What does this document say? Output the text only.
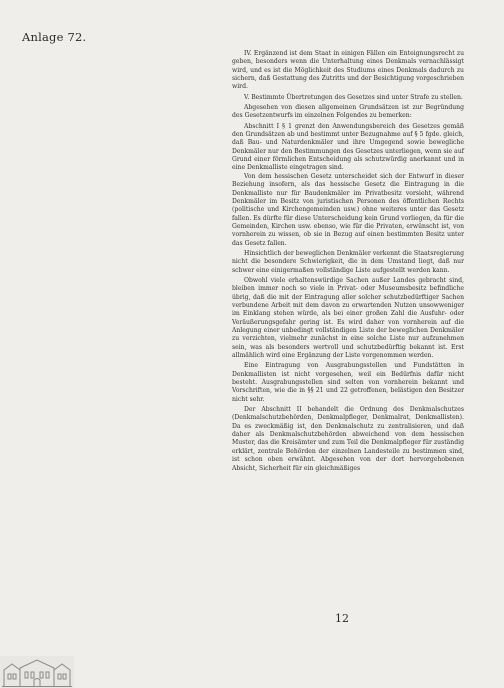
Anlage 72.

IV. Ergänzend ist dem Staat in einigen Fällen ein Enteignungsrecht zu geben, besonders wenn die Unterhaltung eines Denkmals vernachlässigt wird, und es ist die Möglichkeit des Studiums eines Denkmals dadurch zu sichern, daß Gestattung des Zutritts und der Besichtigung vorgeschrieben wird.

V. Bestimmte Übertretungen des Gesetzes sind unter Strafe zu stellen.

Abgesehen von diesen allgemeinen Grundsätzen ist zur Begründung des Gesetzentwurfs im einzelnen Folgendes zu bemerken:

Abschnitt I § 1 grenzt den Anwendungsbereich des Gesetzes gemäß den Grundsätzen ab und bestimmt unter Bezugnahme auf § 5 fgde. gleich, daß Bau- und Naturdenkmäler und ihre Umgegend sowie bewegliche Denkmäler nur den Bestimmungen des Gesetzes unterliegen, wenn sie auf Grund einer förmlichen Entscheidung als schutzwürdig anerkannt und in eine Denkmalliste eingetragen sind.

Von dem hessischen Gesetz unterscheidet sich der Entwurf in dieser Beziehung insofern, als das hessische Gesetz die Eintragung in die Denkmalliste nur für Baudenkmäler im Privatbesitz vorsieht, während Denkmäler im Besitz von juristischen Personen des öffentlichen Rechts (politische und Kirchengemeinden usw.) ohne weiteres unter das Gesetz fallen. Es dürfte für diese Unterscheidung kein Grund vorliegen, da für die Gemeinden, Kirchen usw. ebenso, wie für die Privaten, erwünscht ist, von vornherein zu wissen, ob sie in Bezug auf einen bestimmten Besitz unter das Gesetz fallen.

Hinsichtlich der beweglichen Denkmäler verkennt die Staatsregierung nicht die besondere Schwierigkeit, die in dem Umstand liegt, daß nur schwer eine einigermaßen vollständige Liste aufgestellt werden kann.

Obwohl viele erhaltenswürdige Sachen außer Landes gebracht sind, bleiben immer noch so viele in Privat- oder Museumsbesitz befindliche übrig, daß die mit der Eintragung aller solcher schutzbedürftiger Sachen verbundene Arbeit mit dem davon zu erwartenden Nutzen unsowweniger im Einklang stehen würde, als bei einer großen Zahl die Ausfuhr- oder Veräußerungsgefahr gering ist. Es wird daher von vornherein auf die Anlegung einer unbedingt vollständigen Liste der beweglichen Denkmäler zu verzichten, vielmehr zunächst in eine solche Liste nur aufzunehmen sein, was als besonders wertvoll und schutzbedürftig bekannt ist. Erst allmählich wird eine Ergänzung der Liste vorgenommen werden.

Eine Eintragung von Ausgrabungsstellen und Fundstätten in Denkmallisten ist nicht vorgesehen, weil ein Bedürfnis dafür nicht besteht. Ausgrabungsstellen sind selten von vornherein bekannt und Vorschriften, wie die in §§ 21 und 22 getroffenen, belästigen den Besitzer nicht sehr.

Der Abschnitt II behandelt die Ordnung des Denkmalschutzes (Denkmalschutzbehörden, Denkmalpfleger, Denkmalrat, Denkmallisten). Da es zweckmäßig ist, den Denkmalschutz zu zentralisieren, und daß daher als Denkmalschutzbehörden abweichend von dem hessischen Muster, das die Kreisämter und zum Teil die Denkmalpfleger für zuständig erklärt, zentrale Behörden der einzelnen Landesteile zu bestimmen sind, ist schon oben erwähnt. Abgesehen von der dort hervorgehobenen Absicht, Sicherheit für ein gleichmäßiges

12
